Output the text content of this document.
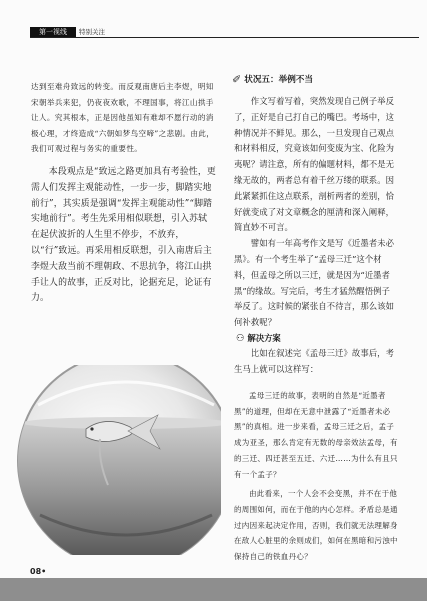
第一视线	特别关注

达到至难舟致远的转变。而反观南唐后主李煜，明知宋朝举兵来犯，仍夜夜欢歌，不理国事，将江山拱手让人。究其根本，正是因他虽知有难却不愿行动的消极心理，才终造成“六朝如梦鸟空啼”之悲剧。由此，我们可观过程与务实的重要性。

本段观点是“致远之路更加具有考验性，更需人们发挥主观能动性，一步一步，脚踏实地前行”，其实质是强调“发挥主观能动性”“脚踏实地前行”。考生先采用相似联想，引入苏轼在起伏波折的人生里不停步，不放弃，以“行”致远。再采用相反联想，引入南唐后主李煜大敌当前不理朝政、不思抗争，将江山拱手让人的故事，正反对比，论据充足，论证有力。

✐ 状况五：举例不当

作文写着写着，突然发现自己例子举反了，正好是自己打自己的嘴巴。考场中，这种情况并不鲜见。那么，一旦发现自己观点和材料相反，究竟该如何变废为宝、化险为夷呢？请注意，所有的偏题材料，都不是无缘无故的，两者总有着千丝万缕的联系。因此紧紧抓住这点联系，剖析两者的差别，恰好就变成了对文章概念的厘清和深入阐释，简直妙不可言。

譬如有一年高考作文是写《近墨者未必黑》。有一个考生举了“孟母三迁”这个材料，但孟母之所以三迁，就是因为“近墨者黑”的缘故。写完后，考生才猛然醒悟例子举反了。这时候的紧张自不待言，那么该如何补救呢？

⚇ 解决方案

比如在叙述完《孟母三迁》故事后，考生马上就可以这样写：

孟母三迁的故事，表明的自然是“近墨者黑”的道理，但却在无意中泄露了“近墨者未必黑”的真相。进一步来看，孟母三迁之后，孟子成为亚圣，那么肯定有无数的母亲效法孟母，有的三迁、四迁甚至五迁、六迁……为什么有且只有一个孟子？

由此看来，一个人会不会变黑，并不在于他的周围如何，而在于他的内心怎样。矛盾总是通过内因来起决定作用，否则，我们就无法理解身在敌人心脏里的余则成们，如何在黑暗和污浊中保持自己的铁血丹心？

08•
